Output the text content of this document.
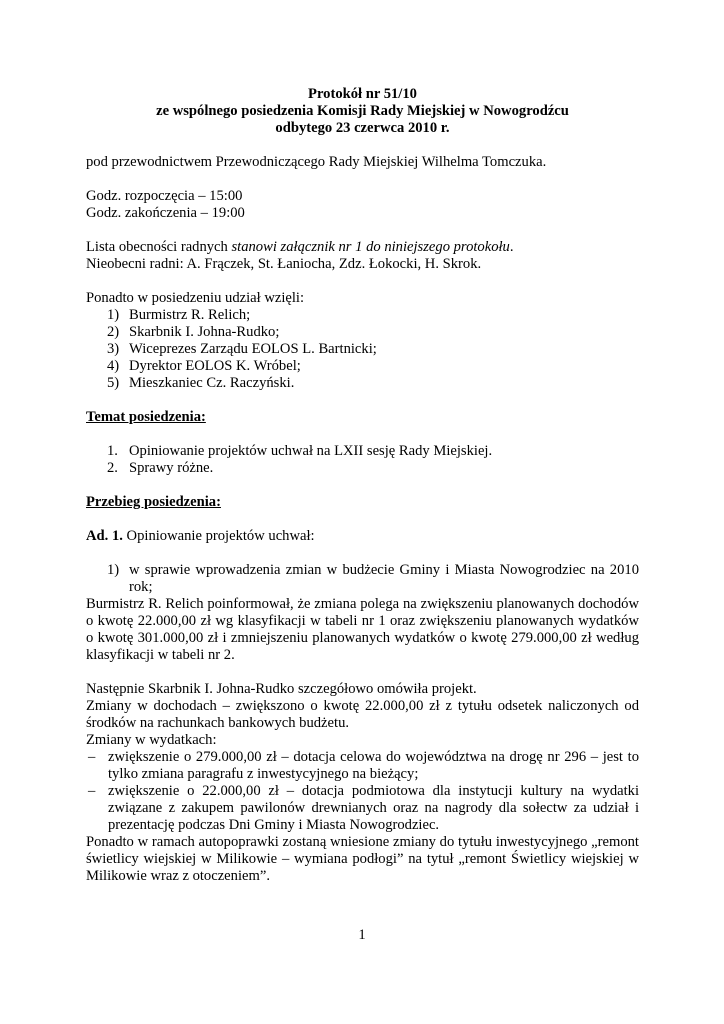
Protokół nr 51/10

ze wspólnego posiedzenia Komisji Rady Miejskiej w Nowogrodźcu

odbytego 23 czerwca 2010 r.

pod przewodnictwem Przewodniczącego Rady Miejskiej Wilhelma Tomczuka.

Godz. rozpoczęcia – 15:00

Godz. zakończenia – 19:00

Lista obecności radnych stanowi załącznik nr 1 do niniejszego protokołu.

Nieobecni radni: A. Frączek, St. Łaniocha, Zdz. Łokocki, H. Skrok.

Ponadto w posiedzeniu udział wzięli:

1) Burmistrz R. Relich;
2) Skarbnik I. Johna-Rudko;
3) Wiceprezes Zarządu EOLOS L. Bartnicki;
4) Dyrektor EOLOS K. Wróbel;
5) Mieszkaniec Cz. Raczyński.

Temat posiedzenia:

1. Opiniowanie projektów uchwał na LXII sesję Rady Miejskiej.
2. Sprawy różne.

Przebieg posiedzenia:

Ad. 1. Opiniowanie projektów uchwał:

1) w sprawie wprowadzenia zmian w budżecie Gminy i Miasta Nowogrodziec na 2010 rok;

Burmistrz R. Relich poinformował, że zmiana polega na zwiększeniu planowanych dochodów o kwotę 22.000,00 zł wg klasyfikacji w tabeli nr 1 oraz zwiększeniu planowanych wydatków o kwotę 301.000,00 zł i zmniejszeniu planowanych wydatków o kwotę 279.000,00 zł według klasyfikacji w tabeli nr 2.

Następnie Skarbnik I. Johna-Rudko szczegółowo omówiła projekt.

Zmiany w dochodach – zwiększono o kwotę 22.000,00 zł z tytułu odsetek naliczonych od środków na rachunkach bankowych budżetu.

Zmiany w wydatkach:

– zwiększenie o 279.000,00 zł – dotacja celowa do województwa na drogę nr 296 – jest to tylko zmiana paragrafu z inwestycyjnego na bieżący;
– zwiększenie o 22.000,00 zł – dotacja podmiotowa dla instytucji kultury na wydatki związane z zakupem pawilonów drewnianych oraz na nagrody dla sołectw za udział i prezentację podczas Dni Gminy i Miasta Nowogrodziec.

Ponadto w ramach autopoprawki zostaną wniesione zmiany do tytułu inwestycyjnego „remont świetlicy wiejskiej w Milikowie – wymiana podłogi” na tytuł „remont Świetlicy wiejskiej w Milikowie wraz z otoczeniem”.

1
